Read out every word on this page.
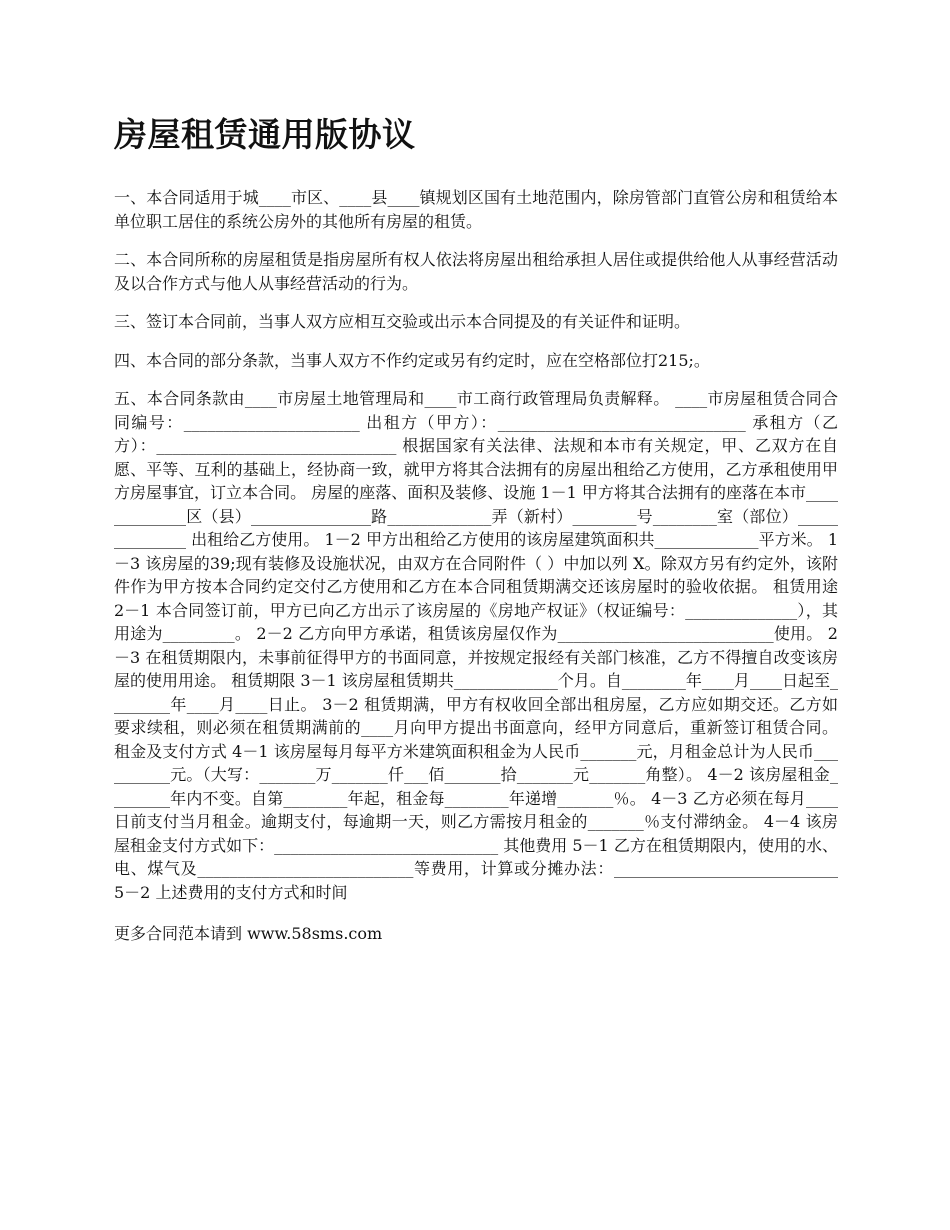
房屋租赁通用版协议

一、本合同适用于城____市区、____县____镇规划区国有土地范围内，除房管部门直管公房和租赁给本单位职工居住的系统公房外的其他所有房屋的租赁。

二、本合同所称的房屋租赁是指房屋所有权人依法将房屋出租给承担人居住或提供给他人从事经营活动及以合作方式与他人从事经营活动的行为。

三、签订本合同前，当事人双方应相互交验或出示本合同提及的有关证件和证明。

四、本合同的部分条款，当事人双方不作约定或另有约定时，应在空格部位打215;。

五、本合同条款由____市房屋土地管理局和____市工商行政管理局负责解释。 ____市房屋租赁合同合同编号：______________________ 出租方（甲方）：_______________________________ 承租方（乙方）：______________________________ 根据国家有关法律、法规和本市有关规定，甲、乙双方在自愿、平等、互利的基础上，经协商一致，就甲方将其合法拥有的房屋出租给乙方使用，乙方承租使用甲方房屋事宜，订立本合同。 房屋的座落、面积及装修、设施 1－1 甲方将其合法拥有的座落在本市_____________区（县）_______________路_____________弄（新村）________号________室（部位）______________ 出租给乙方使用。 1－2 甲方出租给乙方使用的该房屋建筑面积共_____________平方米。 1－3 该房屋的39;现有装修及设施状况，由双方在合同附件（ ）中加以列 X。除双方另有约定外，该附件作为甲方按本合同约定交付乙方使用和乙方在本合同租赁期满交还该房屋时的验收依据。 租赁用途 2－1 本合同签订前，甲方已向乙方出示了该房屋的《房地产权证》（权证编号：______________），其用途为_________。 2－2 乙方向甲方承诺，租赁该房屋仅作为___________________________使用。 2－3 在租赁期限内，未事前征得甲方的书面同意，并按规定报经有关部门核准，乙方不得擅自改变该房屋的使用用途。 租赁期限 3－1 该房屋租赁期共_____________个月。自________年____月____日起至________年____月____日止。 3－2 租赁期满，甲方有权收回全部出租房屋，乙方应如期交还。乙方如要求续租，则必须在租赁期满前的____月向甲方提出书面意向，经甲方同意后，重新签订租赁合同。 租金及支付方式 4－1 该房屋每月每平方米建筑面积租金为人民币_______元，月租金总计为人民币__________元。（大写：_______万_______仟___佰_______拾_______元_______角整）。 4－2 该房屋租金________年内不变。自第________年起，租金每________年递增_______％。 4－3 乙方必须在每月____日前支付当月租金。逾期支付，每逾期一天，则乙方需按月租金的_______％支付滞纳金。 4－4 该房屋租金支付方式如下：____________________________ 其他费用 5－1 乙方在租赁期限内，使用的水、电、煤气及___________________________等费用，计算或分摊办法：____________________________ 5－2 上述费用的支付方式和时间

更多合同范本请到 www.58sms.com
